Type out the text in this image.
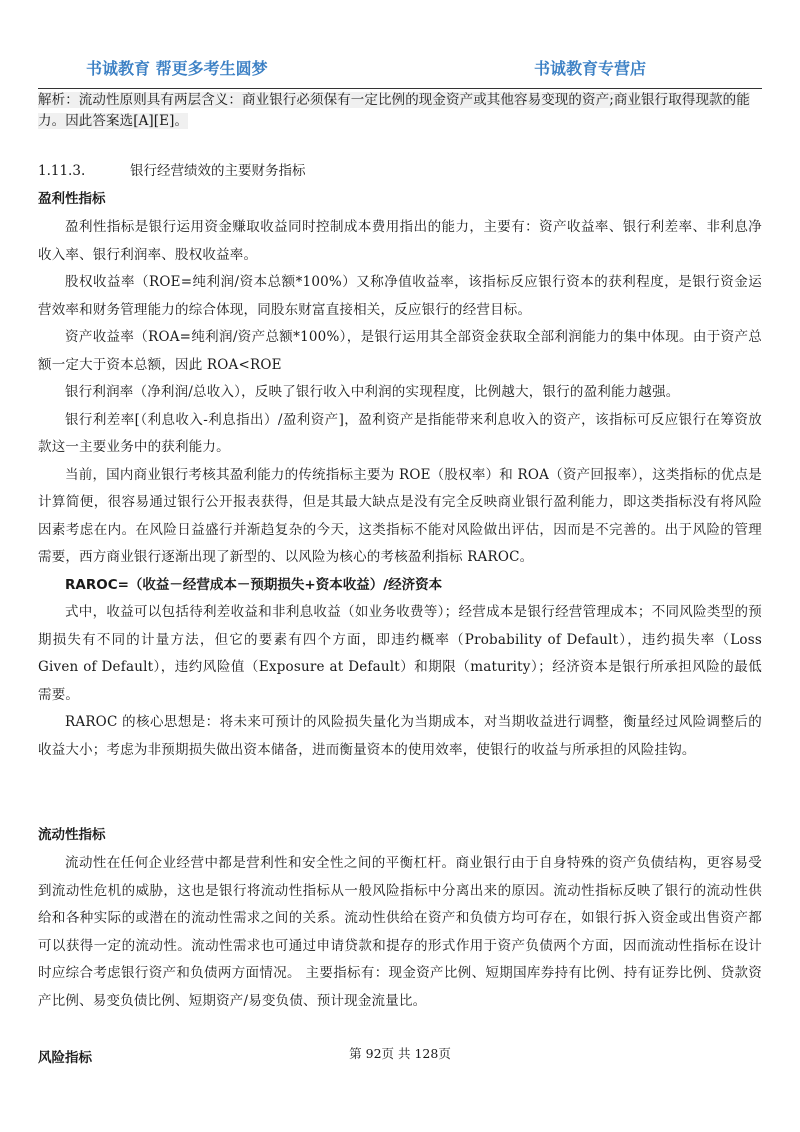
书诚教育 帮更多考生圆梦	书诚教育专营店

解析：流动性原则具有两层含义：商业银行必须保有一定比例的现金资产或其他容易变现的资产;商业银行取得现款的能力。因此答案选[A][E]。

1.11.3.	银行经营绩效的主要财务指标
盈利性指标

盈利性指标是银行运用资金赚取收益同时控制成本费用指出的能力，主要有：资产收益率、银行利差率、非利息净收入率、银行利润率、股权收益率。

股权收益率（ROE=纯利润/资本总额*100%）又称净值收益率，该指标反应银行资本的获利程度，是银行资金运营效率和财务管理能力的综合体现，同股东财富直接相关，反应银行的经营目标。

资产收益率（ROA=纯利润/资产总额*100%），是银行运用其全部资金获取全部利润能力的集中体现。由于资产总额一定大于资本总额，因此 ROA<ROE

银行利润率（净利润/总收入），反映了银行收入中利润的实现程度，比例越大，银行的盈利能力越强。

银行利差率[（利息收入-利息指出）/盈利资产]，盈利资产是指能带来利息收入的资产，该指标可反应银行在筹资放款这一主要业务中的获利能力。

当前，国内商业银行考核其盈利能力的传统指标主要为 ROE（股权率）和 ROA（资产回报率），这类指标的优点是计算简便，很容易通过银行公开报表获得，但是其最大缺点是没有完全反映商业银行盈利能力，即这类指标没有将风险因素考虑在内。在风险日益盛行并渐趋复杂的今天，这类指标不能对风险做出评估，因而是不完善的。出于风险的管理需要，西方商业银行逐渐出现了新型的、以风险为核心的考核盈利指标 RAROC。

RAROC=（收益－经营成本－预期损失+资本收益）/经济资本

式中，收益可以包括待利差收益和非利息收益（如业务收费等）；经营成本是银行经营管理成本；不同风险类型的预期损失有不同的计量方法，但它的要素有四个方面，即违约概率（Probability of Default），违约损失率（Loss Given of Default），违约风险值（Exposure at Default）和期限（maturity）；经济资本是银行所承担风险的最低需要。

RAROC 的核心思想是：将未来可预计的风险损失量化为当期成本，对当期收益进行调整，衡量经过风险调整后的收益大小；考虑为非预期损失做出资本储备，进而衡量资本的使用效率，使银行的收益与所承担的风险挂钩。

流动性指标

流动性在任何企业经营中都是营利性和安全性之间的平衡杠杆。商业银行由于自身特殊的资产负债结构，更容易受到流动性危机的威胁，这也是银行将流动性指标从一般风险指标中分离出来的原因。流动性指标反映了银行的流动性供给和各种实际的或潜在的流动性需求之间的关系。流动性供给在资产和负债方均可存在，如银行拆入资金或出售资产都可以获得一定的流动性。流动性需求也可通过申请贷款和提存的形式作用于资产负债两个方面，因而流动性指标在设计时应综合考虑银行资产和负债两方面情况。 主要指标有：现金资产比例、短期国库券持有比例、持有证券比例、贷款资产比例、易变负债比例、短期资产/易变负债、预计现金流量比。

风险指标	第 92页 共 128页
